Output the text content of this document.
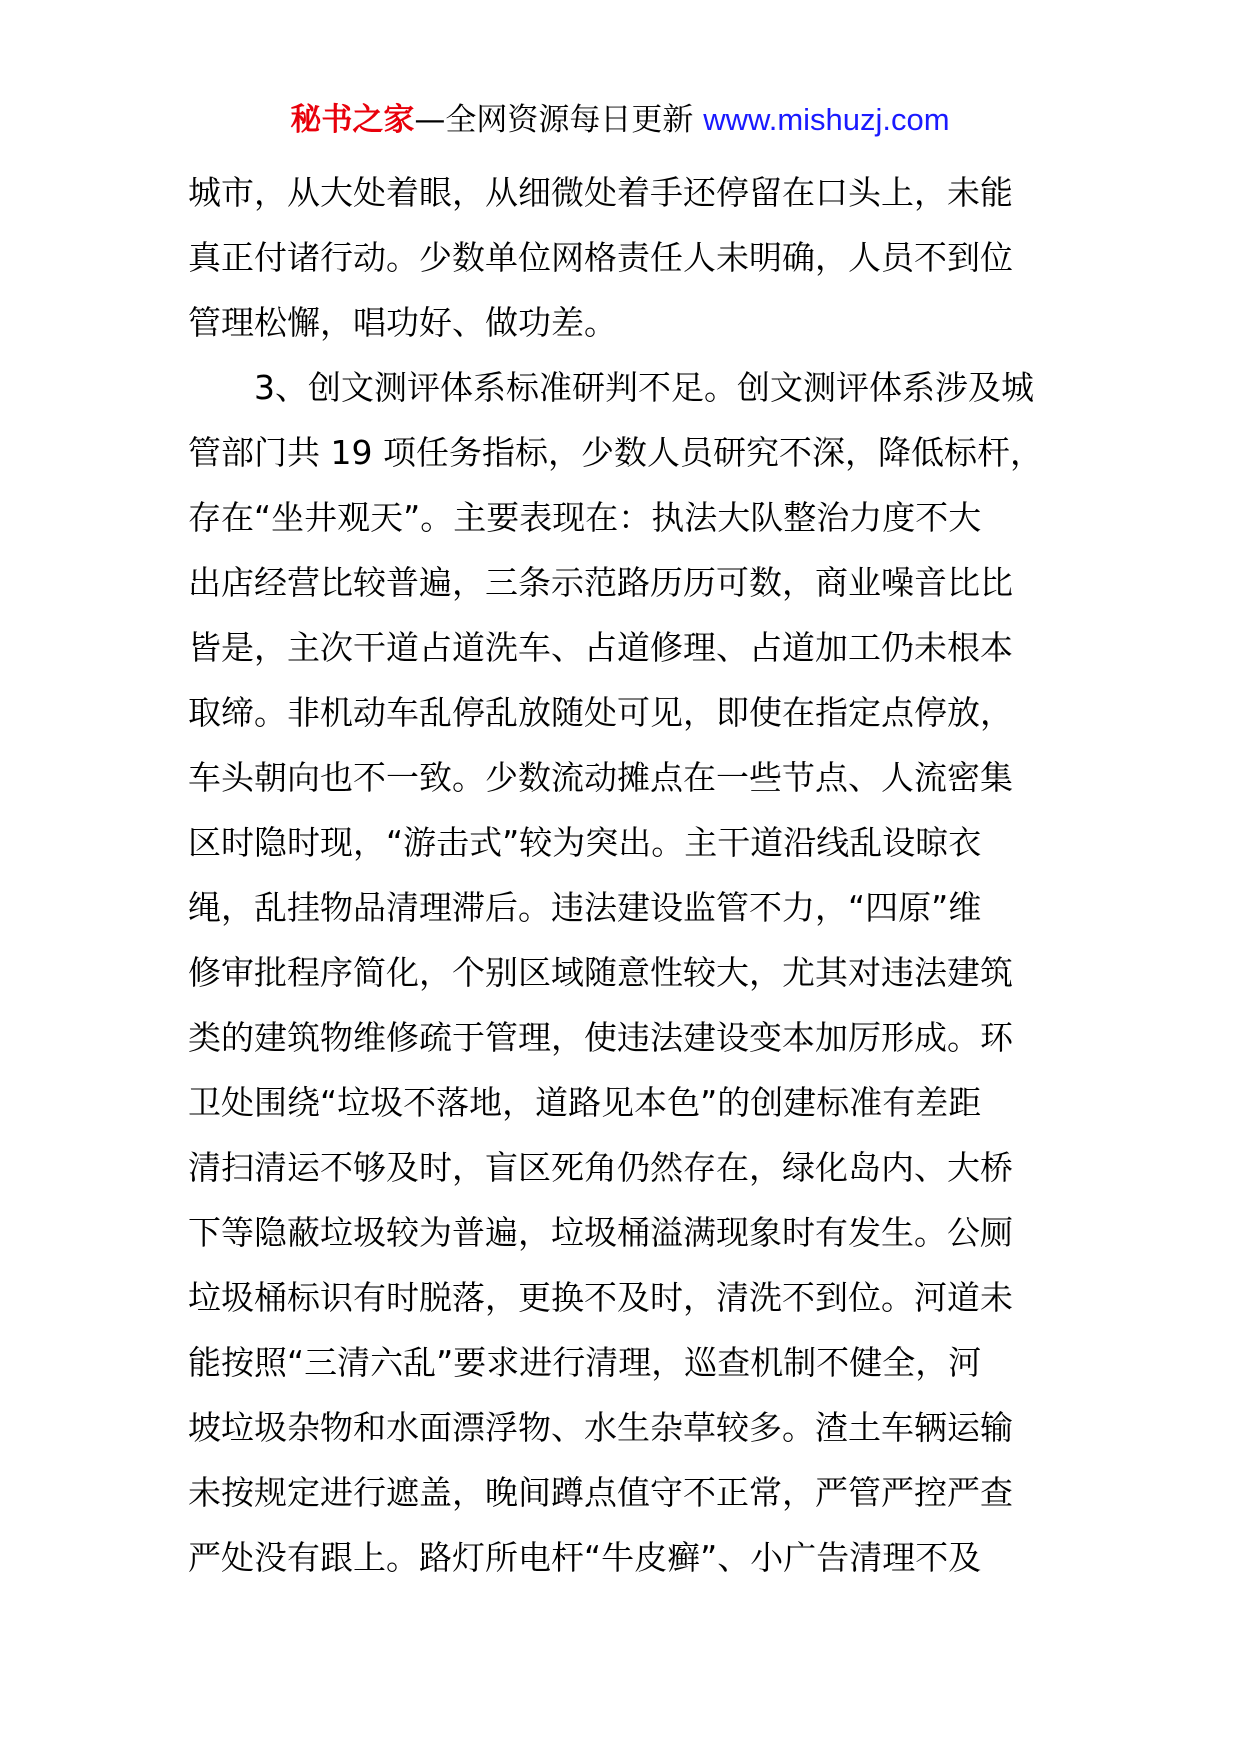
秘书之家—全网资源每日更新 www.mishuzj.com

城市，从大处着眼，从细微处着手还停留在口头上，未能
真正付诸行动。少数单位网格责任人未明确，人员不到位
管理松懈，唱功好、做功差。

3、创文测评体系标准研判不足。创文测评体系涉及城
管部门共 19 项任务指标，少数人员研究不深，降低标杆，
存在“坐井观天”。主要表现在：执法大队整治力度不大
出店经营比较普遍，三条示范路历历可数，商业噪音比比
皆是，主次干道占道洗车、占道修理、占道加工仍未根本
取缔。非机动车乱停乱放随处可见，即使在指定点停放，
车头朝向也不一致。少数流动摊点在一些节点、人流密集
区时隐时现，“游击式”较为突出。主干道沿线乱设晾衣
绳，乱挂物品清理滞后。违法建设监管不力，“四原”维
修审批程序简化，个别区域随意性较大，尤其对违法建筑
类的建筑物维修疏于管理，使违法建设变本加厉形成。环
卫处围绕“垃圾不落地，道路见本色”的创建标准有差距
清扫清运不够及时，盲区死角仍然存在，绿化岛内、大桥
下等隐蔽垃圾较为普遍，垃圾桶溢满现象时有发生。公厕
垃圾桶标识有时脱落，更换不及时，清洗不到位。河道未
能按照“三清六乱”要求进行清理，巡查机制不健全，河
坡垃圾杂物和水面漂浮物、水生杂草较多。渣土车辆运输
未按规定进行遮盖，晚间蹲点值守不正常，严管严控严查
严处没有跟上。路灯所电杆“牛皮癣”、小广告清理不及
